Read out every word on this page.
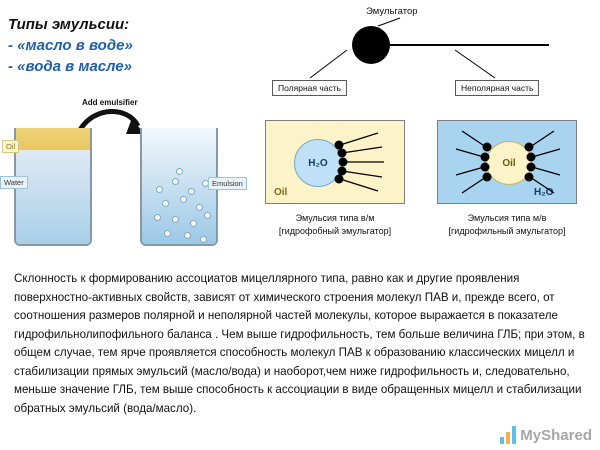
Типы эмульсии:
- «масло в воде»
- «вода в масле»
Эмульгатор
Полярная часть	Неполярная часть
Add emulsifier
Oil
Water	Emulsion
H₂O
Oil
Oil
H₂O
Эмульсия типа в/м
[гидрофобный эмульгатор]
Эмульсия типа м/в
[гидрофильный эмульгатор]
Склонность к формированию ассоциатов мицеллярного типа, равно как и другие проявления поверхностно-активных свойств, зависят от химического строения молекул ПАВ и, прежде всего, от соотношения размеров полярной и неполярной частей молекулы, которое выражается в показателе гидрофильнолипофильного баланса . Чем выше гидрофильность, тем больше величина ГЛБ; при этом, в общем случае, тем ярче проявляется способность молекул ПАВ к образованию классических мицелл и стабилизации прямых эмульсий (масло/вода) и наоборот,чем ниже гидрофильность и, следовательно, меньше значение ГЛБ, тем выше способность к ассоциации в виде обращенных мицелл и стабилизации обратных эмульсий (вода/масло).
MyShared
